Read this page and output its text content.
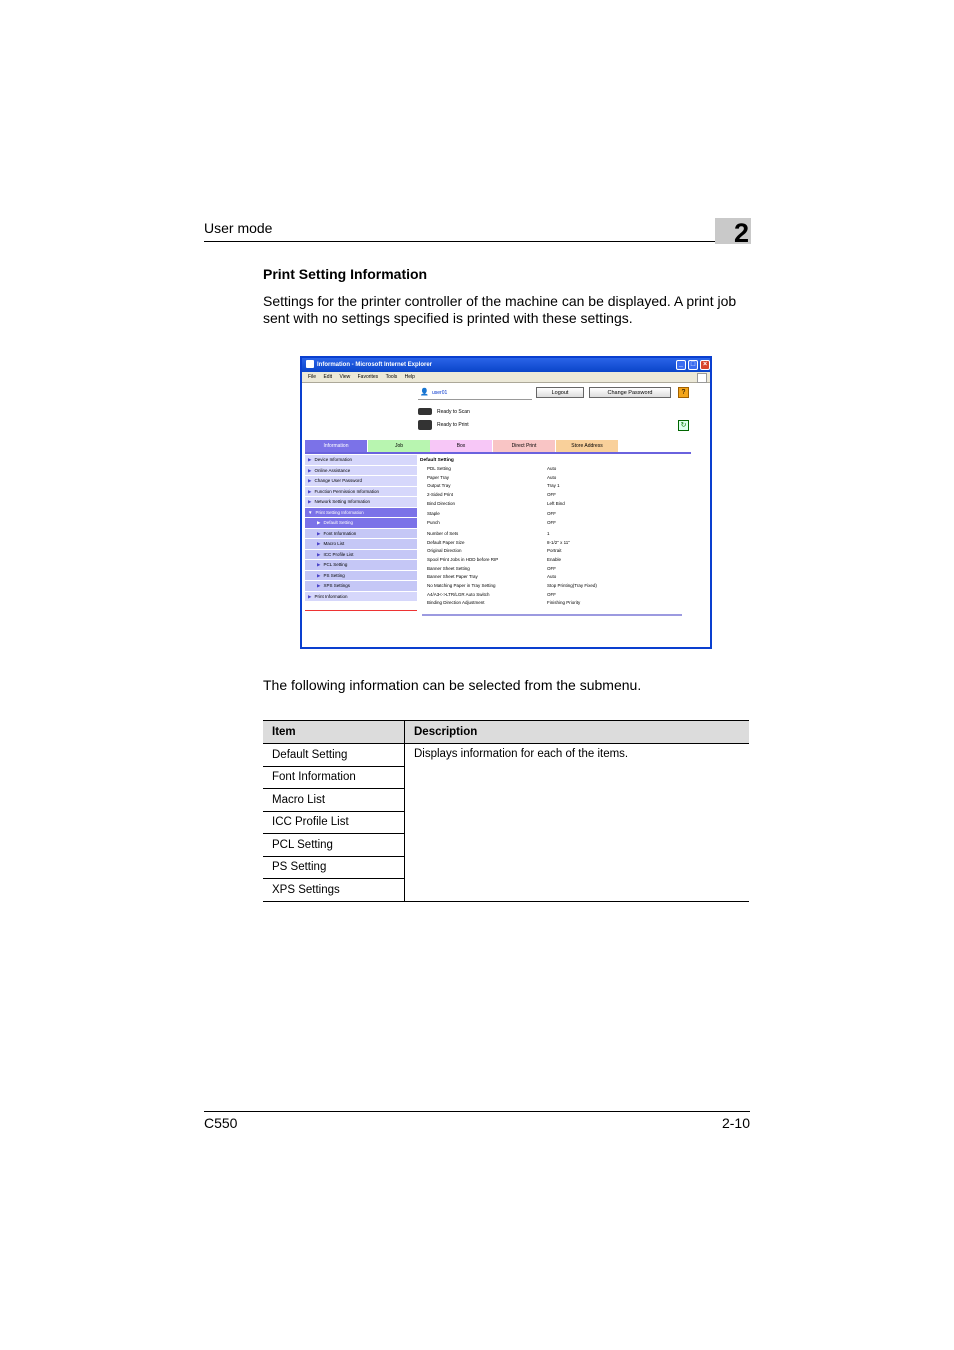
User mode	2
Print Setting Information
Settings for the printer controller of the machine can be displayed. A print job sent with no settings specified is printed with these settings.
Information - Microsoft Internet Explorer	_	□	×
File Edit View Favorites Tools Help
👤 user01	Logout	Change Password	?
Ready to Scan
Ready to Print	↻
Information	Job	Box	Direct Print	Store Address
▶ Device Information
▶ Online Assistance
▶ Change User Password
▶ Function Permission Information
▶ Network Setting Information
▼ Print Setting Information
▶ Default Setting
▶ Font Information
▶ Macro List
▶ ICC Profile List
▶ PCL Setting
▶ PS Setting
▶ XPS Settings
▶ Print Information
Default Setting
PDL Setting	Auto
Paper Tray	Auto
Output Tray	Tray 1
2-Sided Print	OFF
Bind Direction	Left Bind
Staple	OFF
Punch	OFF
Number of Sets	1
Default Paper Size	8-1/2" x 11"
Original Direction	Portrait
Spool Print Jobs in HDD before RIP	Enable
Banner Sheet Setting	OFF
Banner Sheet Paper Tray	Auto
No Matching Paper in Tray Setting	Stop Printing(Tray Fixed)
A4/A3<->LTR/LGR Auto Switch	OFF
Binding Direction Adjustment	Finishing Priority
The following information can be selected from the submenu.
Item	Description
Default Setting	Displays information for each of the items.
Font Information	
Macro List	
ICC Profile List	
PCL Setting	
PS Setting	
XPS Settings	
C550	2-10
